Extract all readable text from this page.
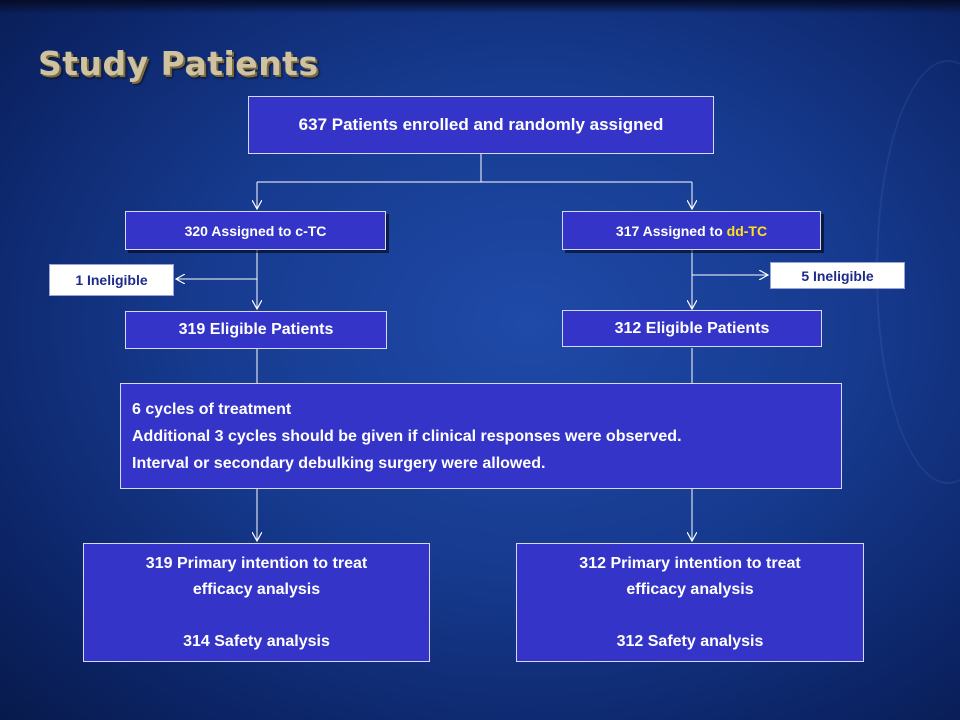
Study Patients
637 Patients enrolled and randomly assigned
320 Assigned to c-TC	317 Assigned to dd-TC
1 Ineligible	5 Ineligible
319 Eligible Patients	312 Eligible Patients
6 cycles of treatment
Additional 3 cycles should be given if clinical responses were observed.
Interval or secondary debulking surgery were allowed.
319 Primary intention to treat
efficacy analysis

314 Safety analysis
312 Primary intention to treat
efficacy analysis

312 Safety analysis
